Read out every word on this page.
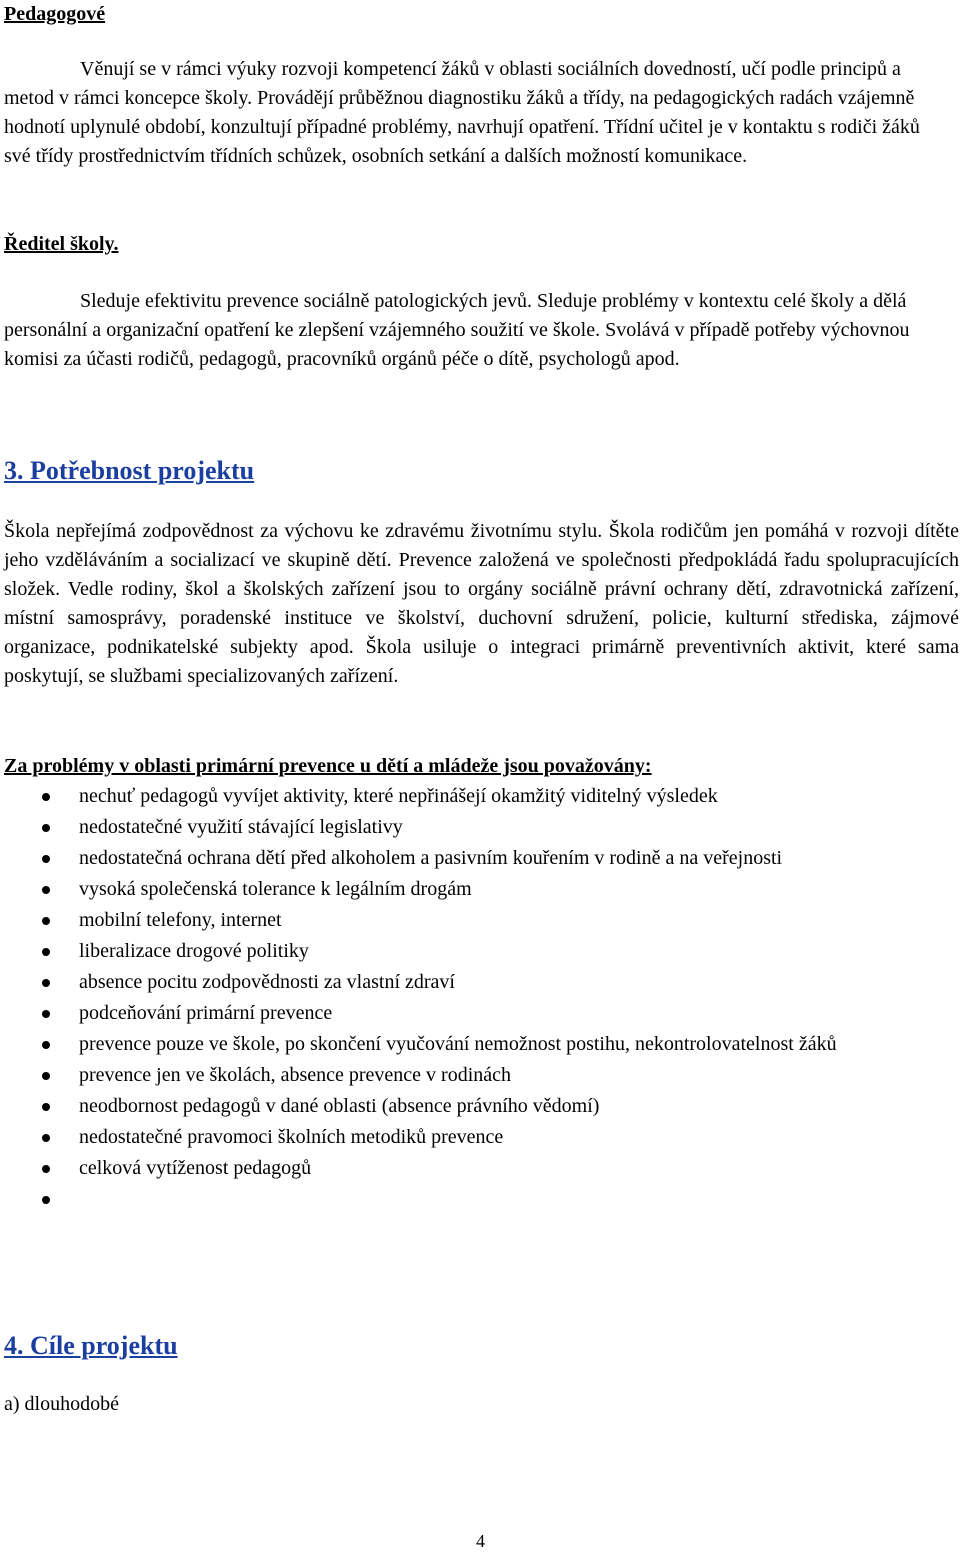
Pedagogové

Věnují se v rámci výuky rozvoji kompetencí žáků v oblasti sociálních dovedností, učí podle principů a metod v rámci koncepce školy. Provádějí průběžnou diagnostiku žáků a třídy, na pedagogických radách vzájemně hodnotí uplynulé období, konzultují případné problémy, navrhují opatření. Třídní učitel je v kontaktu s rodiči žáků své třídy prostřednictvím třídních schůzek, osobních setkání a dalších možností komunikace.

Ředitel školy.

Sleduje efektivitu prevence sociálně patologických jevů. Sleduje problémy v kontextu celé školy a dělá personální a organizační opatření ke zlepšení vzájemného soužití ve škole. Svolává v případě potřeby výchovnou komisi za účasti rodičů, pedagogů, pracovníků orgánů péče o dítě, psychologů apod.

3. Potřebnost projektu

Škola nepřejímá zodpovědnost za výchovu ke zdravému životnímu stylu. Škola rodičům jen pomáhá v rozvoji dítěte jeho vzděláváním a socializací ve skupině dětí. Prevence založená ve společnosti předpokládá řadu spolupracujících složek. Vedle rodiny, škol a školských zařízení jsou to orgány sociálně právní ochrany dětí, zdravotnická zařízení, místní samosprávy, poradenské instituce ve školství, duchovní sdružení, policie, kulturní střediska, zájmové organizace, podnikatelské subjekty apod. Škola usiluje o integraci primárně preventivních aktivit, které sama poskytují, se službami specializovaných zařízení.

Za problémy v oblasti primární prevence u dětí a mládeže jsou považovány:
nechuť pedagogů vyvíjet aktivity, které nepřinášejí okamžitý viditelný výsledek
nedostatečné využití stávající legislativy
nedostatečná ochrana dětí před alkoholem a pasivním kouřením v rodině a na veřejnosti
vysoká společenská tolerance k legálním drogám
mobilní telefony, internet
liberalizace drogové politiky
absence pocitu zodpovědnosti za vlastní zdraví
podceňování primární prevence
prevence pouze ve škole, po skončení vyučování nemožnost postihu, nekontrolovatelnost žáků
prevence jen ve školách, absence prevence v rodinách
neodbornost pedagogů v dané oblasti (absence právního vědomí)
nedostatečné pravomoci školních metodiků prevence
celková vytíženost pedagogů
4. Cíle projektu
a) dlouhodobé
4
